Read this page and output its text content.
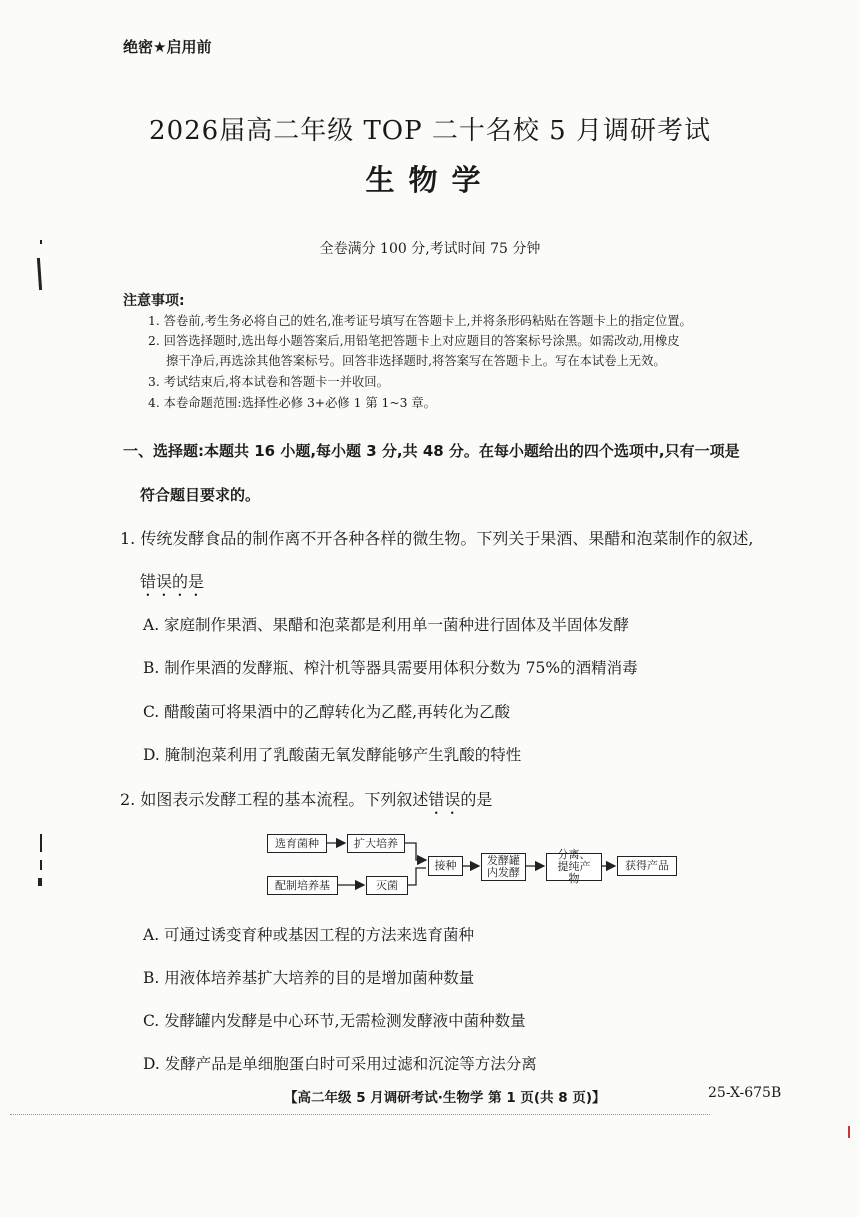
绝密★启用前
2026届高二年级 TOP 二十名校 5 月调研考试
生物学
全卷满分 100 分,考试时间 75 分钟
注意事项:
1. 答卷前,考生务必将自己的姓名,准考证号填写在答题卡上,并将条形码粘贴在答题卡上的指定位置。
2. 回答选择题时,选出每小题答案后,用铅笔把答题卡上对应题目的答案标号涂黑。如需改动,用橡皮
擦干净后,再选涂其他答案标号。回答非选择题时,将答案写在答题卡上。写在本试卷上无效。
3. 考试结束后,将本试卷和答题卡一并收回。
4. 本卷命题范围:选择性必修 3+必修 1 第 1~3 章。
一、选择题:本题共 16 小题,每小题 3 分,共 48 分。在每小题给出的四个选项中,只有一项是
符合题目要求的。
1. 传统发酵食品的制作离不开各种各样的微生物。下列关于果酒、果醋和泡菜制作的叙述,
错误的是
A. 家庭制作果酒、果醋和泡菜都是利用单一菌种进行固体及半固体发酵
B. 制作果酒的发酵瓶、榨汁机等器具需要用体积分数为 75%的酒精消毒
C. 醋酸菌可将果酒中的乙醇转化为乙醛,再转化为乙酸
D. 腌制泡菜利用了乳酸菌无氧发酵能够产生乳酸的特性
2. 如图表示发酵工程的基本流程。下列叙述错误的是
选育菌种	扩大培养
配制培养基	灭菌
接种	发酵罐内发酵
分离、提纯产物
获得产品
A. 可通过诱变育种或基因工程的方法来选育菌种
B. 用液体培养基扩大培养的目的是增加菌种数量
C. 发酵罐内发酵是中心环节,无需检测发酵液中菌种数量
D. 发酵产品是单细胞蛋白时可采用过滤和沉淀等方法分离
【高二年级 5 月调研考试·生物学 第 1 页(共 8 页)】	25-X-675B
